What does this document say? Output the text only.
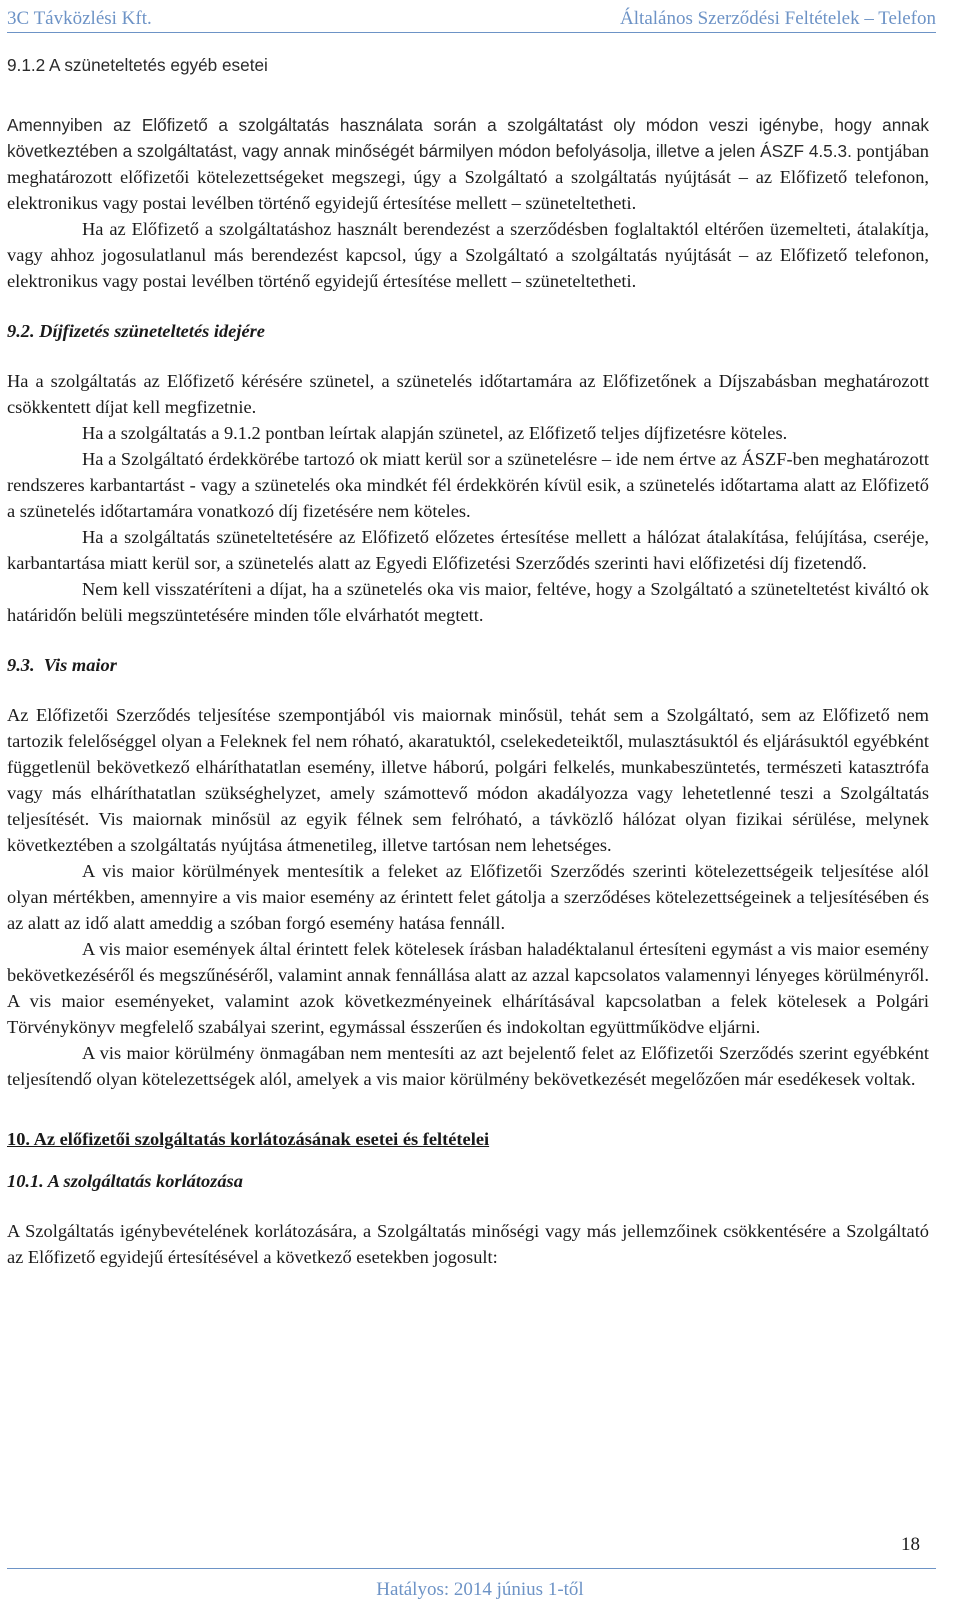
3C Távközlési Kft.	Általános Szerződési Feltételek – Telefon
9.1.2 A szüneteltetés egyéb esetei

Amennyiben az Előfizető a szolgáltatás használata során a szolgáltatást oly módon veszi igénybe, hogy annak következtében a szolgáltatást, vagy annak minőségét bármilyen módon befolyásolja, illetve a jelen ÁSZF 4.5.3. pontjában meghatározott előfizetői kötelezettségeket megszegi, úgy a Szolgáltató a szolgáltatás nyújtását – az Előfizető telefonon, elektronikus vagy postai levélben történő egyidejű értesítése mellett – szüneteltetheti.

Ha az Előfizető a szolgáltatáshoz használt berendezést a szerződésben foglaltaktól eltérően üzemelteti, átalakítja, vagy ahhoz jogosulatlanul más berendezést kapcsol, úgy a Szolgáltató a szolgáltatás nyújtását – az Előfizető telefonon, elektronikus vagy postai levélben történő egyidejű értesítése mellett – szüneteltetheti.

9.2. Díjfizetés szüneteltetés idejére

Ha a szolgáltatás az Előfizető kérésére szünetel, a szünetelés időtartamára az Előfizetőnek a Díjszabásban meghatározott csökkentett díjat kell megfizetnie.

Ha a szolgáltatás a 9.1.2 pontban leírtak alapján szünetel, az Előfizető teljes díjfizetésre köteles.

Ha a Szolgáltató érdekkörébe tartozó ok miatt kerül sor a szünetelésre – ide nem értve az ÁSZF-ben meghatározott rendszeres karbantartást - vagy a szünetelés oka mindkét fél érdekkörén kívül esik, a szünetelés időtartama alatt az Előfizető a szünetelés időtartamára vonatkozó díj fizetésére nem köteles.

Ha a szolgáltatás szüneteltetésére az Előfizető előzetes értesítése mellett a hálózat átalakítása, felújítása, cseréje, karbantartása miatt kerül sor, a szünetelés alatt az Egyedi Előfizetési Szerződés szerinti havi előfizetési díj fizetendő.

Nem kell visszatéríteni a díjat, ha a szünetelés oka vis maior, feltéve, hogy a Szolgáltató a szüneteltetést kiváltó ok határidőn belüli megszüntetésére minden tőle elvárhatót megtett.

9.3.  Vis maior

Az Előfizetői Szerződés teljesítése szempontjából vis maiornak minősül, tehát sem a Szolgáltató, sem az Előfizető nem tartozik felelőséggel olyan a Feleknek fel nem róható, akaratuktól, cselekedeteiktől, mulasztásuktól és eljárásuktól egyébként függetlenül bekövetkező elháríthatatlan esemény, illetve háború, polgári felkelés, munkabeszüntetés, természeti katasztrófa vagy más elháríthatatlan szükséghelyzet, amely számottevő módon akadályozza vagy lehetetlenné teszi a Szolgáltatás teljesítését. Vis maiornak minősül az egyik félnek sem felróható, a távközlő hálózat olyan fizikai sérülése, melynek következtében a szolgáltatás nyújtása átmenetileg, illetve tartósan nem lehetséges.

A vis maior körülmények mentesítik a feleket az Előfizetői Szerződés szerinti kötelezettségeik teljesítése alól olyan mértékben, amennyire a vis maior esemény az érintett felet gátolja a szerződéses kötelezettségeinek a teljesítésében és az alatt az idő alatt ameddig a szóban forgó esemény hatása fennáll.

A vis maior események által érintett felek kötelesek írásban haladéktalanul értesíteni egymást a vis maior esemény bekövetkezéséről és megszűnéséről, valamint annak fennállása alatt az azzal kapcsolatos valamennyi lényeges körülményről. A vis maior eseményeket, valamint azok következményeinek elhárításával kapcsolatban a felek kötelesek a Polgári Törvénykönyv megfelelő szabályai szerint, egymással ésszerűen és indokoltan együttműködve eljárni.

A vis maior körülmény önmagában nem mentesíti az azt bejelentő felet az Előfizetői Szerződés szerint egyébként teljesítendő olyan kötelezettségek alól, amelyek a vis maior körülmény bekövetkezését megelőzően már esedékesek voltak.

10. Az előfizetői szolgáltatás korlátozásának esetei és feltételei
10.1. A szolgáltatás korlátozása

A Szolgáltatás igénybevételének korlátozására, a Szolgáltatás minőségi vagy más jellemzőinek csökkentésére a Szolgáltató az Előfizető egyidejű értesítésével a következő esetekben jogosult:

18
Hatályos: 2014 június 1-től
